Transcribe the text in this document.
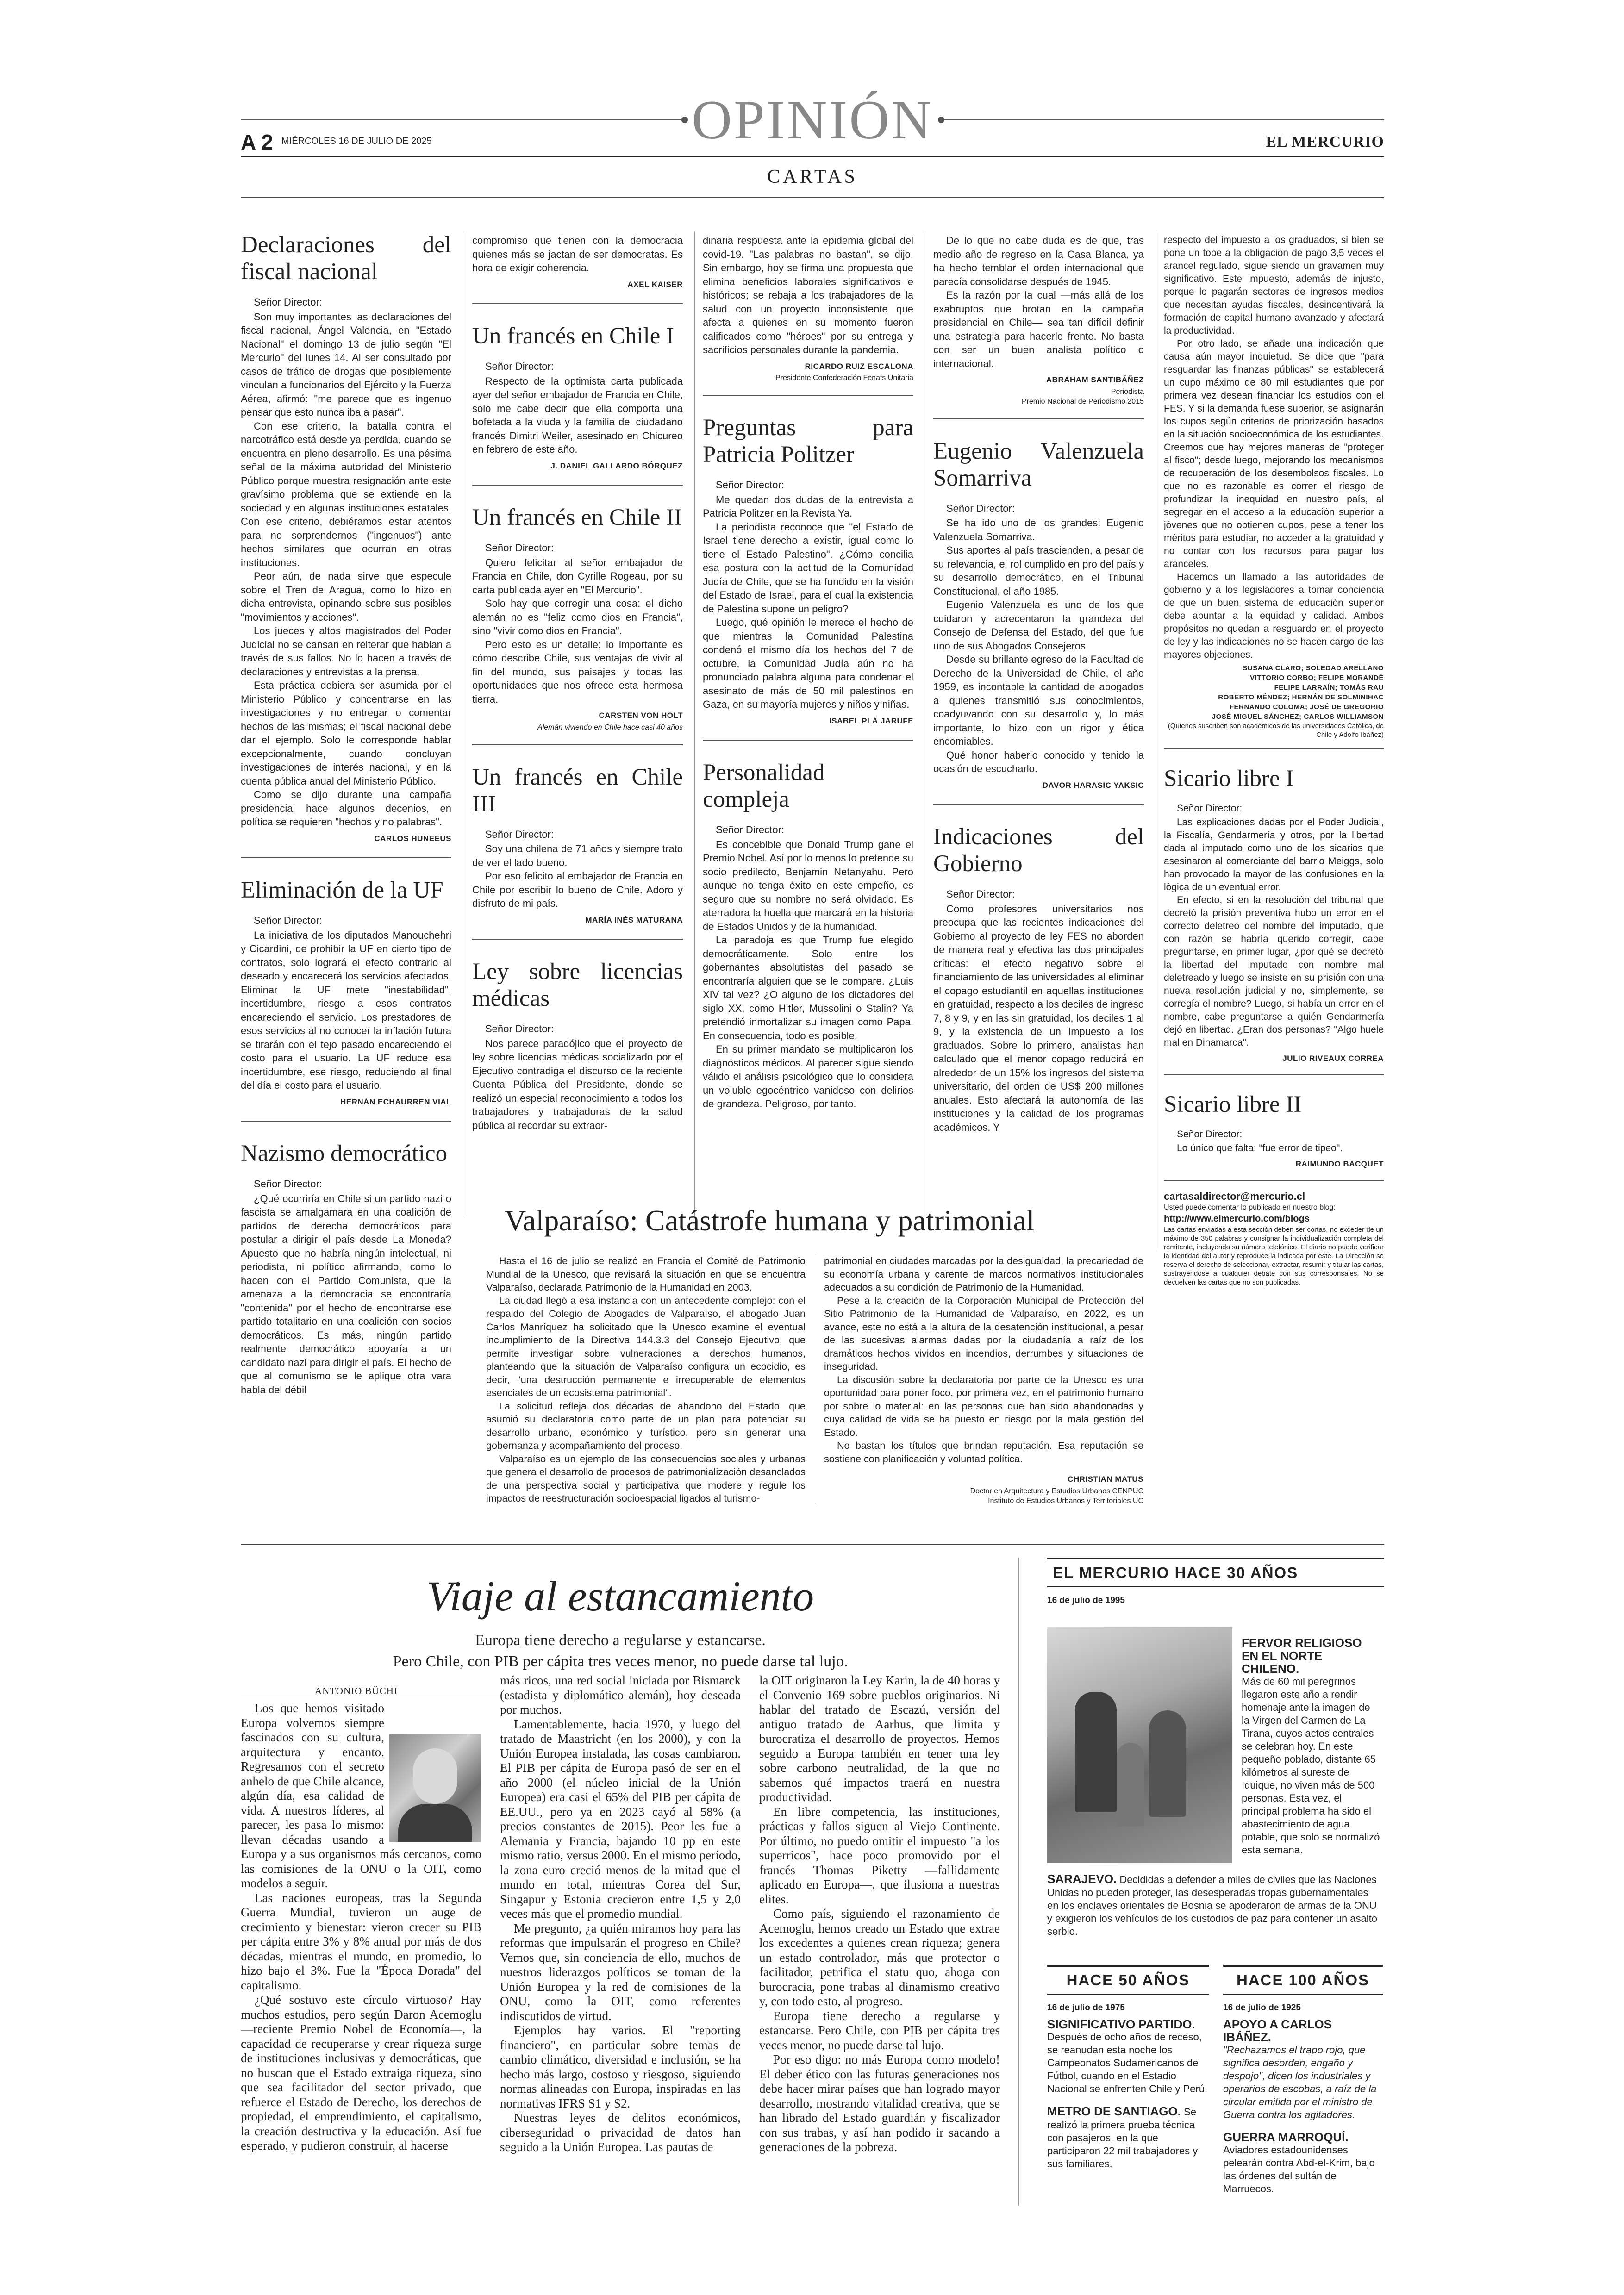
A 2 MIÉRCOLES 16 DE JULIO DE 2025	OPINIÓN	EL MERCURIO
CARTAS
Declaraciones del fiscal nacional
Señor Director:

Son muy importantes las declaraciones del fiscal nacional, Ángel Valencia, en "Estado Nacional" el domingo 13 de julio según "El Mercurio" del lunes 14. Al ser consultado por casos de tráfico de drogas que posiblemente vinculan a funcionarios del Ejército y la Fuerza Aérea, afirmó: "me parece que es ingenuo pensar que esto nunca iba a pasar".

Con ese criterio, la batalla contra el narcotráfico está desde ya perdida, cuando se encuentra en pleno desarrollo. Es una pésima señal de la máxima autoridad del Ministerio Público porque muestra resignación ante este gravísimo problema que se extiende en la sociedad y en algunas instituciones estatales. Con ese criterio, debiéramos estar atentos para no sorprendernos ("ingenuos") ante hechos similares que ocurran en otras instituciones.

Peor aún, de nada sirve que especule sobre el Tren de Aragua, como lo hizo en dicha entrevista, opinando sobre sus posibles "movimientos y acciones".

Los jueces y altos magistrados del Poder Judicial no se cansan en reiterar que hablan a través de sus fallos. No lo hacen a través de declaraciones y entrevistas a la prensa.

Esta práctica debiera ser asumida por el Ministerio Público y concentrarse en las investigaciones y no entregar o comentar hechos de las mismas; el fiscal nacional debe dar el ejemplo. Solo le corresponde hablar excepcionalmente, cuando concluyan investigaciones de interés nacional, y en la cuenta pública anual del Ministerio Público.

Como se dijo durante una campaña presidencial hace algunos decenios, en política se requieren "hechos y no palabras".

CARLOS HUNEEUS
Eliminación de la UF
Señor Director:

La iniciativa de los diputados Manouchehri y Cicardini, de prohibir la UF en cierto tipo de contratos, solo logrará el efecto contrario al deseado y encarecerá los servicios afectados. Eliminar la UF mete "inestabilidad", incertidumbre, riesgo a esos contratos encareciendo el servicio. Los prestadores de esos servicios al no conocer la inflación futura se tirarán con el tejo pasado encareciendo el costo para el usuario. La UF reduce esa incertidumbre, ese riesgo, reduciendo al final del día el costo para el usuario.

HERNÁN ECHAURREN VIAL
Nazismo democrático
Señor Director:

¿Qué ocurriría en Chile si un partido nazi o fascista se amalgamara en una coalición de partidos de derecha democráticos para postular a dirigir el país desde La Moneda? Apuesto que no habría ningún intelectual, ni periodista, ni político afirmando, como lo hacen con el Partido Comunista, que la amenaza a la democracia se encontraría "contenida" por el hecho de encontrarse ese partido totalitario en una coalición con socios democráticos. Es más, ningún partido realmente democrático apoyaría a un candidato nazi para dirigir el país. El hecho de que al comunismo se le aplique otra vara habla del débil

compromiso que tienen con la democracia quienes más se jactan de ser democratas. Es hora de exigir coherencia.

AXEL KAISER
Un francés en Chile I
Señor Director:

Respecto de la optimista carta publicada ayer del señor embajador de Francia en Chile, solo me cabe decir que ella comporta una bofetada a la viuda y la familia del ciudadano francés Dimitri Weiler, asesinado en Chicureo en febrero de este año.

J. DANIEL GALLARDO BÓRQUEZ
Un francés en Chile II
Señor Director:

Quiero felicitar al señor embajador de Francia en Chile, don Cyrille Rogeau, por su carta publicada ayer en "El Mercurio".

Solo hay que corregir una cosa: el dicho alemán no es "feliz como dios en Francia", sino "vivir como dios en Francia".

Pero esto es un detalle; lo importante es cómo describe Chile, sus ventajas de vivir al fin del mundo, sus paisajes y todas las oportunidades que nos ofrece esta hermosa tierra.

CARSTEN VON HOLT
Alemán viviendo en Chile hace casi 40 años
Un francés en Chile III
Señor Director:

Soy una chilena de 71 años y siempre trato de ver el lado bueno.

Por eso felicito al embajador de Francia en Chile por escribir lo bueno de Chile. Adoro y disfruto de mi país.

MARÍA INÉS MATURANA
Ley sobre licencias médicas
Señor Director:

Nos parece paradójico que el proyecto de ley sobre licencias médicas socializado por el Ejecutivo contradiga el discurso de la reciente Cuenta Pública del Presidente, donde se realizó un especial reconocimiento a todos los trabajadores y trabajadoras de la salud pública al recordar su extraor-

dinaria respuesta ante la epidemia global del covid-19. "Las palabras no bastan", se dijo. Sin embargo, hoy se firma una propuesta que elimina beneficios laborales significativos e históricos; se rebaja a los trabajadores de la salud con un proyecto inconsistente que afecta a quienes en su momento fueron calificados como "héroes" por su entrega y sacrificios personales durante la pandemia.

RICARDO RUIZ ESCALONA
Presidente Confederación Fenats Unitaria
Preguntas para Patricia Politzer
Señor Director:

Me quedan dos dudas de la entrevista a Patricia Politzer en la Revista Ya.

La periodista reconoce que "el Estado de Israel tiene derecho a existir, igual como lo tiene el Estado Palestino". ¿Cómo concilia esa postura con la actitud de la Comunidad Judía de Chile, que se ha fundido en la visión del Estado de Israel, para el cual la existencia de Palestina supone un peligro?

Luego, qué opinión le merece el hecho de que mientras la Comunidad Palestina condenó el mismo día los hechos del 7 de octubre, la Comunidad Judía aún no ha pronunciado palabra alguna para condenar el asesinato de más de 50 mil palestinos en Gaza, en su mayoría mujeres y niños y niñas.

ISABEL PLÁ JARUFE
Personalidad compleja
Señor Director:

Es concebible que Donald Trump gane el Premio Nobel. Así por lo menos lo pretende su socio predilecto, Benjamin Netanyahu. Pero aunque no tenga éxito en este empeño, es seguro que su nombre no será olvidado. Es aterradora la huella que marcará en la historia de Estados Unidos y de la humanidad.

La paradoja es que Trump fue elegido democráticamente. Solo entre los gobernantes absolutistas del pasado se encontraría alguien que se le compare. ¿Luis XIV tal vez? ¿O alguno de los dictadores del siglo XX, como Hitler, Mussolini o Stalin? Ya pretendió inmortalizar su imagen como Papa. En consecuencia, todo es posible.

En su primer mandato se multiplicaron los diagnósticos médicos. Al parecer sigue siendo válido el análisis psicológico que lo considera un voluble egocéntrico vanidoso con delirios de grandeza. Peligroso, por tanto.

De lo que no cabe duda es de que, tras medio año de regreso en la Casa Blanca, ya ha hecho temblar el orden internacional que parecía consolidarse después de 1945.

Es la razón por la cual —más allá de los exabruptos que brotan en la campaña presidencial en Chile— sea tan difícil definir una estrategia para hacerle frente. No basta con ser un buen analista político o internacional.

ABRAHAM SANTIBÁÑEZ
Periodista
Premio Nacional de Periodismo 2015
Eugenio Valenzuela Somarriva
Señor Director:

Se ha ido uno de los grandes: Eugenio Valenzuela Somarriva.

Sus aportes al país trascienden, a pesar de su relevancia, el rol cumplido en pro del país y su desarrollo democrático, en el Tribunal Constitucional, el año 1985.

Eugenio Valenzuela es uno de los que cuidaron y acrecentaron la grandeza del Consejo de Defensa del Estado, del que fue uno de sus Abogados Consejeros.

Desde su brillante egreso de la Facultad de Derecho de la Universidad de Chile, el año 1959, es incontable la cantidad de abogados a quienes transmitió sus conocimientos, coadyuvando con su desarrollo y, lo más importante, lo hizo con un rigor y ética encomiables.

Qué honor haberlo conocido y tenido la ocasión de escucharlo.

DAVOR HARASIC YAKSIC
Indicaciones del Gobierno
Señor Director:

Como profesores universitarios nos preocupa que las recientes indicaciones del Gobierno al proyecto de ley FES no aborden de manera real y efectiva las dos principales críticas: el efecto negativo sobre el financiamiento de las universidades al eliminar el copago estudiantil en aquellas instituciones en gratuidad, respecto a los deciles de ingreso 7, 8 y 9, y en las sin gratuidad, los deciles 1 al 9, y la existencia de un impuesto a los graduados. Sobre lo primero, analistas han calculado que el menor copago reducirá en alrededor de un 15% los ingresos del sistema universitario, del orden de US$ 200 millones anuales. Esto afectará la autonomía de las instituciones y la calidad de los programas académicos. Y

respecto del impuesto a los graduados, si bien se pone un tope a la obligación de pago 3,5 veces el arancel regulado, sigue siendo un gravamen muy significativo. Este impuesto, además de injusto, porque lo pagarán sectores de ingresos medios que necesitan ayudas fiscales, desincentivará la formación de capital humano avanzado y afectará la productividad.

Por otro lado, se añade una indicación que causa aún mayor inquietud. Se dice que "para resguardar las finanzas públicas" se establecerá un cupo máximo de 80 mil estudiantes que por primera vez desean financiar los estudios con el FES. Y si la demanda fuese superior, se asignarán los cupos según criterios de priorización basados en la situación socioeconómica de los estudiantes. Creemos que hay mejores maneras de "proteger al fisco"; desde luego, mejorando los mecanismos de recuperación de los desembolsos fiscales. Lo que no es razonable es correr el riesgo de profundizar la inequidad en nuestro país, al segregar en el acceso a la educación superior a jóvenes que no obtienen cupos, pese a tener los méritos para estudiar, no acceder a la gratuidad y no contar con los recursos para pagar los aranceles.

Hacemos un llamado a las autoridades de gobierno y a los legisladores a tomar conciencia de que un buen sistema de educación superior debe apuntar a la equidad y calidad. Ambos propósitos no quedan a resguardo en el proyecto de ley y las indicaciones no se hacen cargo de las mayores objeciones.

SUSANA CLARO; SOLEDAD ARELLANO
VITTORIO CORBO; FELIPE MORANDÉ
FELIPE LARRAÍN; TOMÁS RAU
ROBERTO MÉNDEZ; HERNÁN DE SOLMINIHAC
FERNANDO COLOMA; JOSÉ DE GREGORIO
JOSÉ MIGUEL SÁNCHEZ; CARLOS WILLIAMSON
(Quienes suscriben son académicos de las universidades Católica, de Chile y Adolfo Ibáñez)
Sicario libre I
Señor Director:

Las explicaciones dadas por el Poder Judicial, la Fiscalía, Gendarmería y otros, por la libertad dada al imputado como uno de los sicarios que asesinaron al comerciante del barrio Meiggs, solo han provocado la mayor de las confusiones en la lógica de un eventual error.

En efecto, si en la resolución del tribunal que decretó la prisión preventiva hubo un error en el correcto deletreo del nombre del imputado, que con razón se habría querido corregir, cabe preguntarse, en primer lugar, ¿por qué se decretó la libertad del imputado con nombre mal deletreado y luego se insiste en su prisión con una nueva resolución judicial y no, simplemente, se corregía el nombre? Luego, si había un error en el nombre, cabe preguntarse a quién Gendarmería dejó en libertad. ¿Eran dos personas? "Algo huele mal en Dinamarca".

JULIO RIVEAUX CORREA
Sicario libre II
Señor Director:

Lo único que falta: "fue error de tipeo".

RAIMUNDO BACQUET
cartasaldirector@mercurio.cl
Usted puede comentar lo publicado en nuestro blog:
http://www.elmercurio.com/blogs
Las cartas enviadas a esta sección deben ser cortas, no exceder de un máximo de 350 palabras y consignar la individualización completa del remitente, incluyendo su número telefónico. El diario no puede verificar la identidad del autor y reproduce la indicada por este. La Dirección se reserva el derecho de seleccionar, extractar, resumir y titular las cartas, sustrayéndose a cualquier debate con sus corresponsales. No se devuelven las cartas que no son publicadas.
Valparaíso: Catástrofe humana y patrimonial

Hasta el 16 de julio se realizó en Francia el Comité de Patrimonio Mundial de la Unesco, que revisará la situación en que se encuentra Valparaíso, declarada Patrimonio de la Humanidad en 2003.

La ciudad llegó a esa instancia con un antecedente complejo: con el respaldo del Colegio de Abogados de Valparaíso, el abogado Juan Carlos Manríquez ha solicitado que la Unesco examine el eventual incumplimiento de la Directiva 144.3.3 del Consejo Ejecutivo, que permite investigar sobre vulneraciones a derechos humanos, planteando que la situación de Valparaíso configura un ecocidio, es decir, "una destrucción permanente e irrecuperable de elementos esenciales de un ecosistema patrimonial".

La solicitud refleja dos décadas de abandono del Estado, que asumió su declaratoria como parte de un plan para potenciar su desarrollo urbano, económico y turístico, pero sin generar una gobernanza y acompañamiento del proceso.

Valparaíso es un ejemplo de las consecuencias sociales y urbanas que genera el desarrollo de procesos de patrimonialización desanclados de una perspectiva social y participativa que modere y regule los impactos de reestructuración socioespacial ligados al turismo-

patrimonial en ciudades marcadas por la desigualdad, la precariedad de su economía urbana y carente de marcos normativos institucionales adecuados a su condición de Patrimonio de la Humanidad.

Pese a la creación de la Corporación Municipal de Protección del Sitio Patrimonio de la Humanidad de Valparaíso, en 2022, es un avance, este no está a la altura de la desatención institucional, a pesar de las sucesivas alarmas dadas por la ciudadanía a raíz de los dramáticos hechos vividos en incendios, derrumbes y situaciones de inseguridad.

La discusión sobre la declaratoria por parte de la Unesco es una oportunidad para poner foco, por primera vez, en el patrimonio humano por sobre lo material: en las personas que han sido abandonadas y cuya calidad de vida se ha puesto en riesgo por la mala gestión del Estado.

No bastan los títulos que brindan reputación. Esa reputación se sostiene con planificación y voluntad política.

CHRISTIAN MATUS
Doctor en Arquitectura y Estudios Urbanos CENPUC
Instituto de Estudios Urbanos y Territoriales UC
Viaje al estancamiento
Europa tiene derecho a regularse y estancarse.
Pero Chile, con PIB per cápita tres veces menor, no puede darse tal lujo.
ANTONIO BÜCHI

Los que hemos visitado Europa volvemos siempre fascinados con su cultura, arquitectura y encanto. Regresamos con el secreto anhelo de que Chile alcance, algún día, esa calidad de vida. A nuestros líderes, al parecer, les pasa lo mismo: llevan décadas usando a Europa y a sus organismos más cercanos, como las comisiones de la ONU o la OIT, como modelos a seguir.

Las naciones europeas, tras la Segunda Guerra Mundial, tuvieron un auge de crecimiento y bienestar: vieron crecer su PIB per cápita entre 3% y 8% anual por más de dos décadas, mientras el mundo, en promedio, lo hizo bajo el 3%. Fue la "Época Dorada" del capitalismo.

¿Qué sostuvo este círculo virtuoso? Hay muchos estudios, pero según Daron Acemoglu —reciente Premio Nobel de Economía—, la capacidad de recuperarse y crear riqueza surge de instituciones inclusivas y democráticas, que no buscan que el Estado extraiga riqueza, sino que sea facilitador del sector privado, que refuerce el Estado de Derecho, los derechos de propiedad, el emprendimiento, el capitalismo, la creación destructiva y la educación. Así fue esperado, y pudieron construir, al hacerse

más ricos, una red social iniciada por Bismarck (estadista y diplomático alemán), hoy deseada por muchos.

Lamentablemente, hacia 1970, y luego del tratado de Maastricht (en los 2000), y con la Unión Europea instalada, las cosas cambiaron. El PIB per cápita de Europa pasó de ser en el año 2000 (el núcleo inicial de la Unión Europea) era casi el 65% del PIB per cápita de EE.UU., pero ya en 2023 cayó al 58% (a precios constantes de 2015). Peor les fue a Alemania y Francia, bajando 10 pp en este mismo ratio, versus 2000. En el mismo período, la zona euro creció menos de la mitad que el mundo en total, mientras Corea del Sur, Singapur y Estonia crecieron entre 1,5 y 2,0 veces más que el promedio mundial.

Me pregunto, ¿a quién miramos hoy para las reformas que impulsarán el progreso en Chile? Vemos que, sin conciencia de ello, muchos de nuestros liderazgos políticos se toman de la Unión Europea y la red de comisiones de la ONU, como la OIT, como referentes indiscutidos de virtud.

Ejemplos hay varios. El "reporting financiero", en particular sobre temas de cambio climático, diversidad e inclusión, se ha hecho más largo, costoso y riesgoso, siguiendo normas alineadas con Europa, inspiradas en las normativas IFRS S1 y S2.

Nuestras leyes de delitos económicos, ciberseguridad o privacidad de datos han seguido a la Unión Europea. Las pautas de

la OIT originaron la Ley Karin, la de 40 horas y el Convenio 169 sobre pueblos originarios. Ni hablar del tratado de Escazú, versión del antiguo tratado de Aarhus, que limita y burocratiza el desarrollo de proyectos. Hemos seguido a Europa también en tener una ley sobre carbono neutralidad, de la que no sabemos qué impactos traerá en nuestra productividad.

En libre competencia, las instituciones, prácticas y fallos siguen al Viejo Continente. Por último, no puedo omitir el impuesto "a los superricos", hace poco promovido por el francés Thomas Piketty —fallidamente aplicado en Europa—, que ilusiona a nuestras elites.

Como país, siguiendo el razonamiento de Acemoglu, hemos creado un Estado que extrae los excedentes a quienes crean riqueza; genera un estado controlador, más que protector o facilitador, petrifica el statu quo, ahoga con burocracia, pone trabas al dinamismo creativo y, con todo esto, al progreso.

Europa tiene derecho a regularse y estancarse. Pero Chile, con PIB per cápita tres veces menor, no puede darse tal lujo.

Por eso digo: no más Europa como modelo! El deber ético con las futuras generaciones nos debe hacer mirar países que han logrado mayor desarrollo, mostrando vitalidad creativa, que se han librado del Estado guardián y fiscalizador con sus trabas, y así han podido ir sacando a generaciones de la pobreza.

EL MERCURIO HACE 30 AÑOS
16 de julio de 1995
FERVOR RELIGIOSO EN EL NORTE CHILENO.
Más de 60 mil peregrinos llegaron este año a rendir homenaje ante la imagen de la Virgen del Carmen de La Tirana, cuyos actos centrales se celebran hoy. En este pequeño poblado, distante 65 kilómetros al sureste de Iquique, no viven más de 500 personas. Esta vez, el principal problema ha sido el abastecimiento de agua potable, que solo se normalizó esta semana.
SARAJEVO. Decididas a defender a miles de civiles que las Naciones Unidas no pueden proteger, las desesperadas tropas gubernamentales en los enclaves orientales de Bosnia se apoderaron de armas de la ONU y exigieron los vehículos de los custodios de paz para contener un asalto serbio.
HACE 50 AÑOS
16 de julio de 1975
SIGNIFICATIVO PARTIDO.
Después de ocho años de receso, se reanudan esta noche los Campeonatos Sudamericanos de Fútbol, cuando en el Estadio Nacional se enfrenten Chile y Perú.
METRO DE SANTIAGO. Se realizó la primera prueba técnica con pasajeros, en la que participaron 22 mil trabajadores y sus familiares.
HACE 100 AÑOS
16 de julio de 1925
APOYO A CARLOS IBÁÑEZ.
"Rechazamos el trapo rojo, que significa desorden, engaño y despojo", dicen los industriales y operarios de escobas, a raíz de la circular emitida por el ministro de Guerra contra los agitadores.
GUERRA MARROQUÍ.
Aviadores estadounidenses pelearán contra Abd-el-Krim, bajo las órdenes del sultán de Marruecos.
